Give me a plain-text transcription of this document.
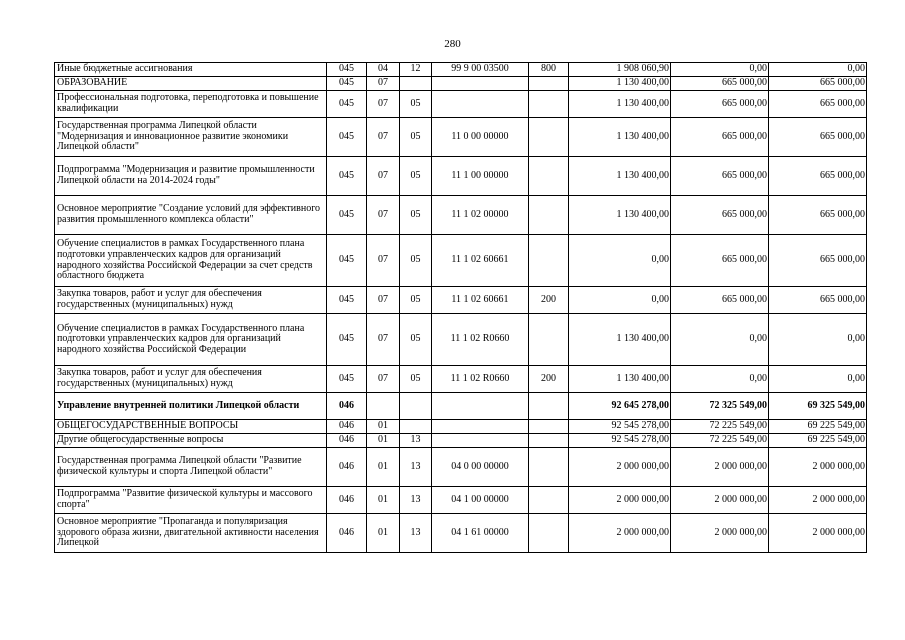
280
Иные бюджетные ассигнования	045	04	12	99 9 00 03500	800	1 908 060,90	0,00	0,00
ОБРАЗОВАНИЕ	045	07				1 130 400,00	665 000,00	665 000,00
Профессиональная подготовка, переподготовка и повышение квалификации	045	07	05			1 130 400,00	665 000,00	665 000,00
Государственная программа Липецкой области "Модернизация и инновационное развитие экономики Липецкой области"	045	07	05	11 0 00 00000		1 130 400,00	665 000,00	665 000,00
Подпрограмма "Модернизация и развитие промышленности Липецкой области на 2014-2024 годы"	045	07	05	11 1 00 00000		1 130 400,00	665 000,00	665 000,00
Основное мероприятие "Создание условий для эффективного развития промышленного комплекса области"	045	07	05	11 1 02 00000		1 130 400,00	665 000,00	665 000,00
Обучение специалистов в рамках Государственного плана подготовки управленческих кадров для организаций народного хозяйства Российской Федерации за счет средств областного бюджета	045	07	05	11 1 02 60661		0,00	665 000,00	665 000,00
Закупка товаров, работ и услуг для обеспечения государственных (муниципальных) нужд	045	07	05	11 1 02 60661	200	0,00	665 000,00	665 000,00
Обучение специалистов в рамках Государственного плана подготовки управленческих кадров для организаций народного хозяйства Российской Федерации	045	07	05	11 1 02 R0660		1 130 400,00	0,00	0,00
Закупка товаров, работ и услуг для обеспечения государственных (муниципальных) нужд	045	07	05	11 1 02 R0660	200	1 130 400,00	0,00	0,00
Управление внутренней политики Липецкой области	046					92 645 278,00	72 325 549,00	69 325 549,00
ОБЩЕГОСУДАРСТВЕННЫЕ ВОПРОСЫ	046	01				92 545 278,00	72 225 549,00	69 225 549,00
Другие общегосударственные вопросы	046	01	13			92 545 278,00	72 225 549,00	69 225 549,00
Государственная программа Липецкой области "Развитие физической культуры и спорта Липецкой области"	046	01	13	04 0 00 00000		2 000 000,00	2 000 000,00	2 000 000,00
Подпрограмма "Развитие физической культуры и массового спорта"	046	01	13	04 1 00 00000		2 000 000,00	2 000 000,00	2 000 000,00
Основное мероприятие "Пропаганда и популяризация здорового образа жизни, двигательной активности населения Липецкой	046	01	13	04 1 61 00000		2 000 000,00	2 000 000,00	2 000 000,00
